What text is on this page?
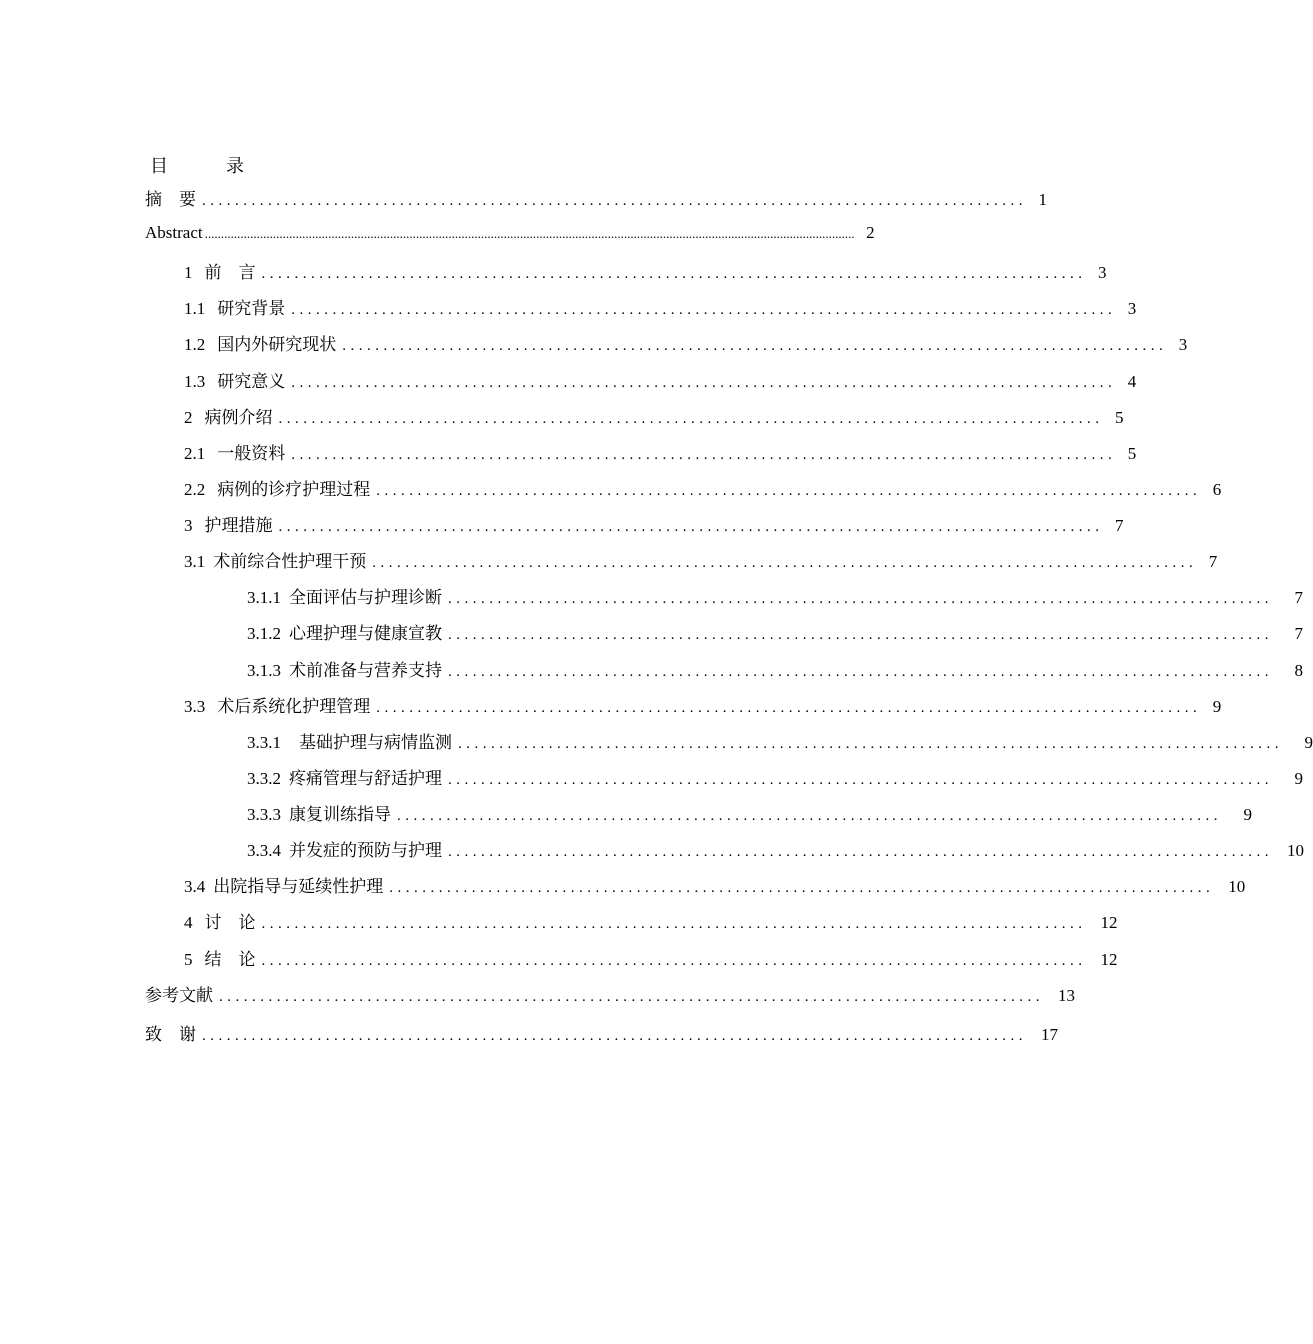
目　录
摘　要 .................................................................................................... 1
Abstract ........................................................................................................................................................................................................ 2
1 前　言 .................................................................................................... 3
1.1 研究背景 .................................................................................................... 3
1.2 国内外研究现状 .................................................................................................... 3
1.3 研究意义 .................................................................................................... 4
2 病例介绍 .................................................................................................... 5
2.1 一般资料 .................................................................................................... 5
2.2 病例的诊疗护理过程 .................................................................................................... 6
3 护理措施 .................................................................................................... 7
3.1 术前综合性护理干预 .................................................................................................... 7
3.1.1 全面评估与护理诊断 ....................................................................................................	7
3.1.2 心理护理与健康宣教 ....................................................................................................	7
3.1.3 术前准备与营养支持 ....................................................................................................	8
3.3 术后系统化护理管理 .................................................................................................... 9
3.3.1 基础护理与病情监测 ....................................................................................................	9
3.3.2 疼痛管理与舒适护理 ....................................................................................................	9
3.3.3 康复训练指导 ....................................................................................................	9
3.3.4 并发症的预防与护理 .................................................................................................... 10
3.4 出院指导与延续性护理 .................................................................................................... 10
4 讨　论 .................................................................................................... 12
5 结　论 .................................................................................................... 12
参考文献 .................................................................................................... 13
致　谢 .................................................................................................... 17
